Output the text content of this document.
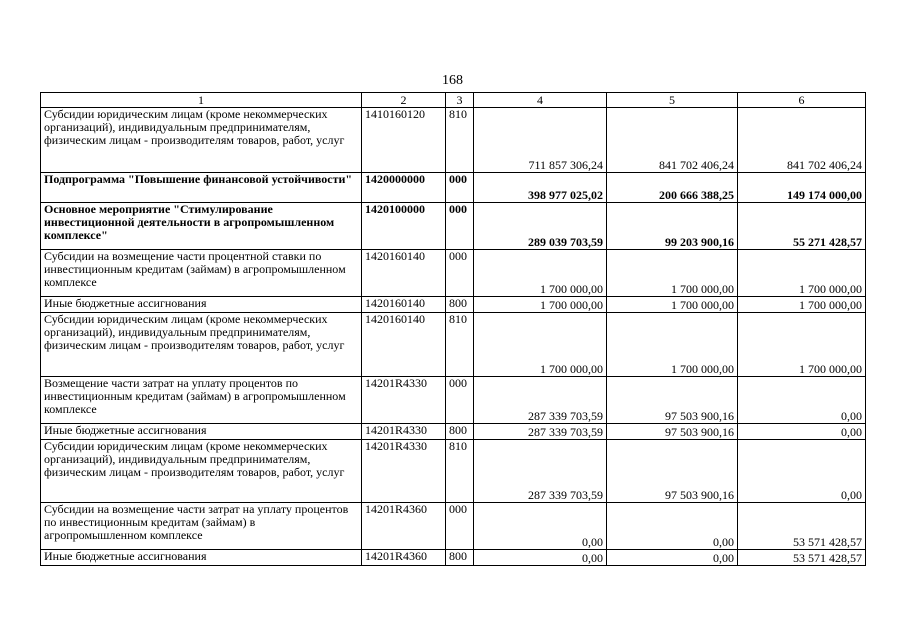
168
1	2	3	4	5	6
Субсидии юридическим лицам (кроме некоммерческих организаций), индивидуальным предпринимателям, физическим лицам - производителям товаров, работ, услуг	1410160120	810	711 857 306,24	841 702 406,24	841 702 406,24
Подпрограмма "Повышение финансовой устойчивости"	1420000000	000	398 977 025,02	200 666 388,25	149 174 000,00
Основное мероприятие "Стимулирование инвестиционной деятельности в агропромышленном комплексе"	1420100000	000	289 039 703,59	99 203 900,16	55 271 428,57
Субсидии на возмещение части процентной ставки по инвестиционным кредитам (займам) в агропромышленном комплексе	1420160140	000	1 700 000,00	1 700 000,00	1 700 000,00
Иные бюджетные ассигнования	1420160140	800	1 700 000,00	1 700 000,00	1 700 000,00
Субсидии юридическим лицам (кроме некоммерческих организаций), индивидуальным предпринимателям, физическим лицам - производителям товаров, работ, услуг	1420160140	810	1 700 000,00	1 700 000,00	1 700 000,00
Возмещение части затрат на уплату процентов по инвестиционным кредитам (займам) в агропромышленном комплексе	14201R4330	000	287 339 703,59	97 503 900,16	0,00
Иные бюджетные ассигнования	14201R4330	800	287 339 703,59	97 503 900,16	0,00
Субсидии юридическим лицам (кроме некоммерческих организаций), индивидуальным предпринимателям, физическим лицам - производителям товаров, работ, услуг	14201R4330	810	287 339 703,59	97 503 900,16	0,00
Субсидии на возмещение части затрат на уплату процентов по инвестиционным кредитам (займам) в агропромышленном комплексе	14201R4360	000	0,00	0,00	53 571 428,57
Иные бюджетные ассигнования	14201R4360	800	0,00	0,00	53 571 428,57
